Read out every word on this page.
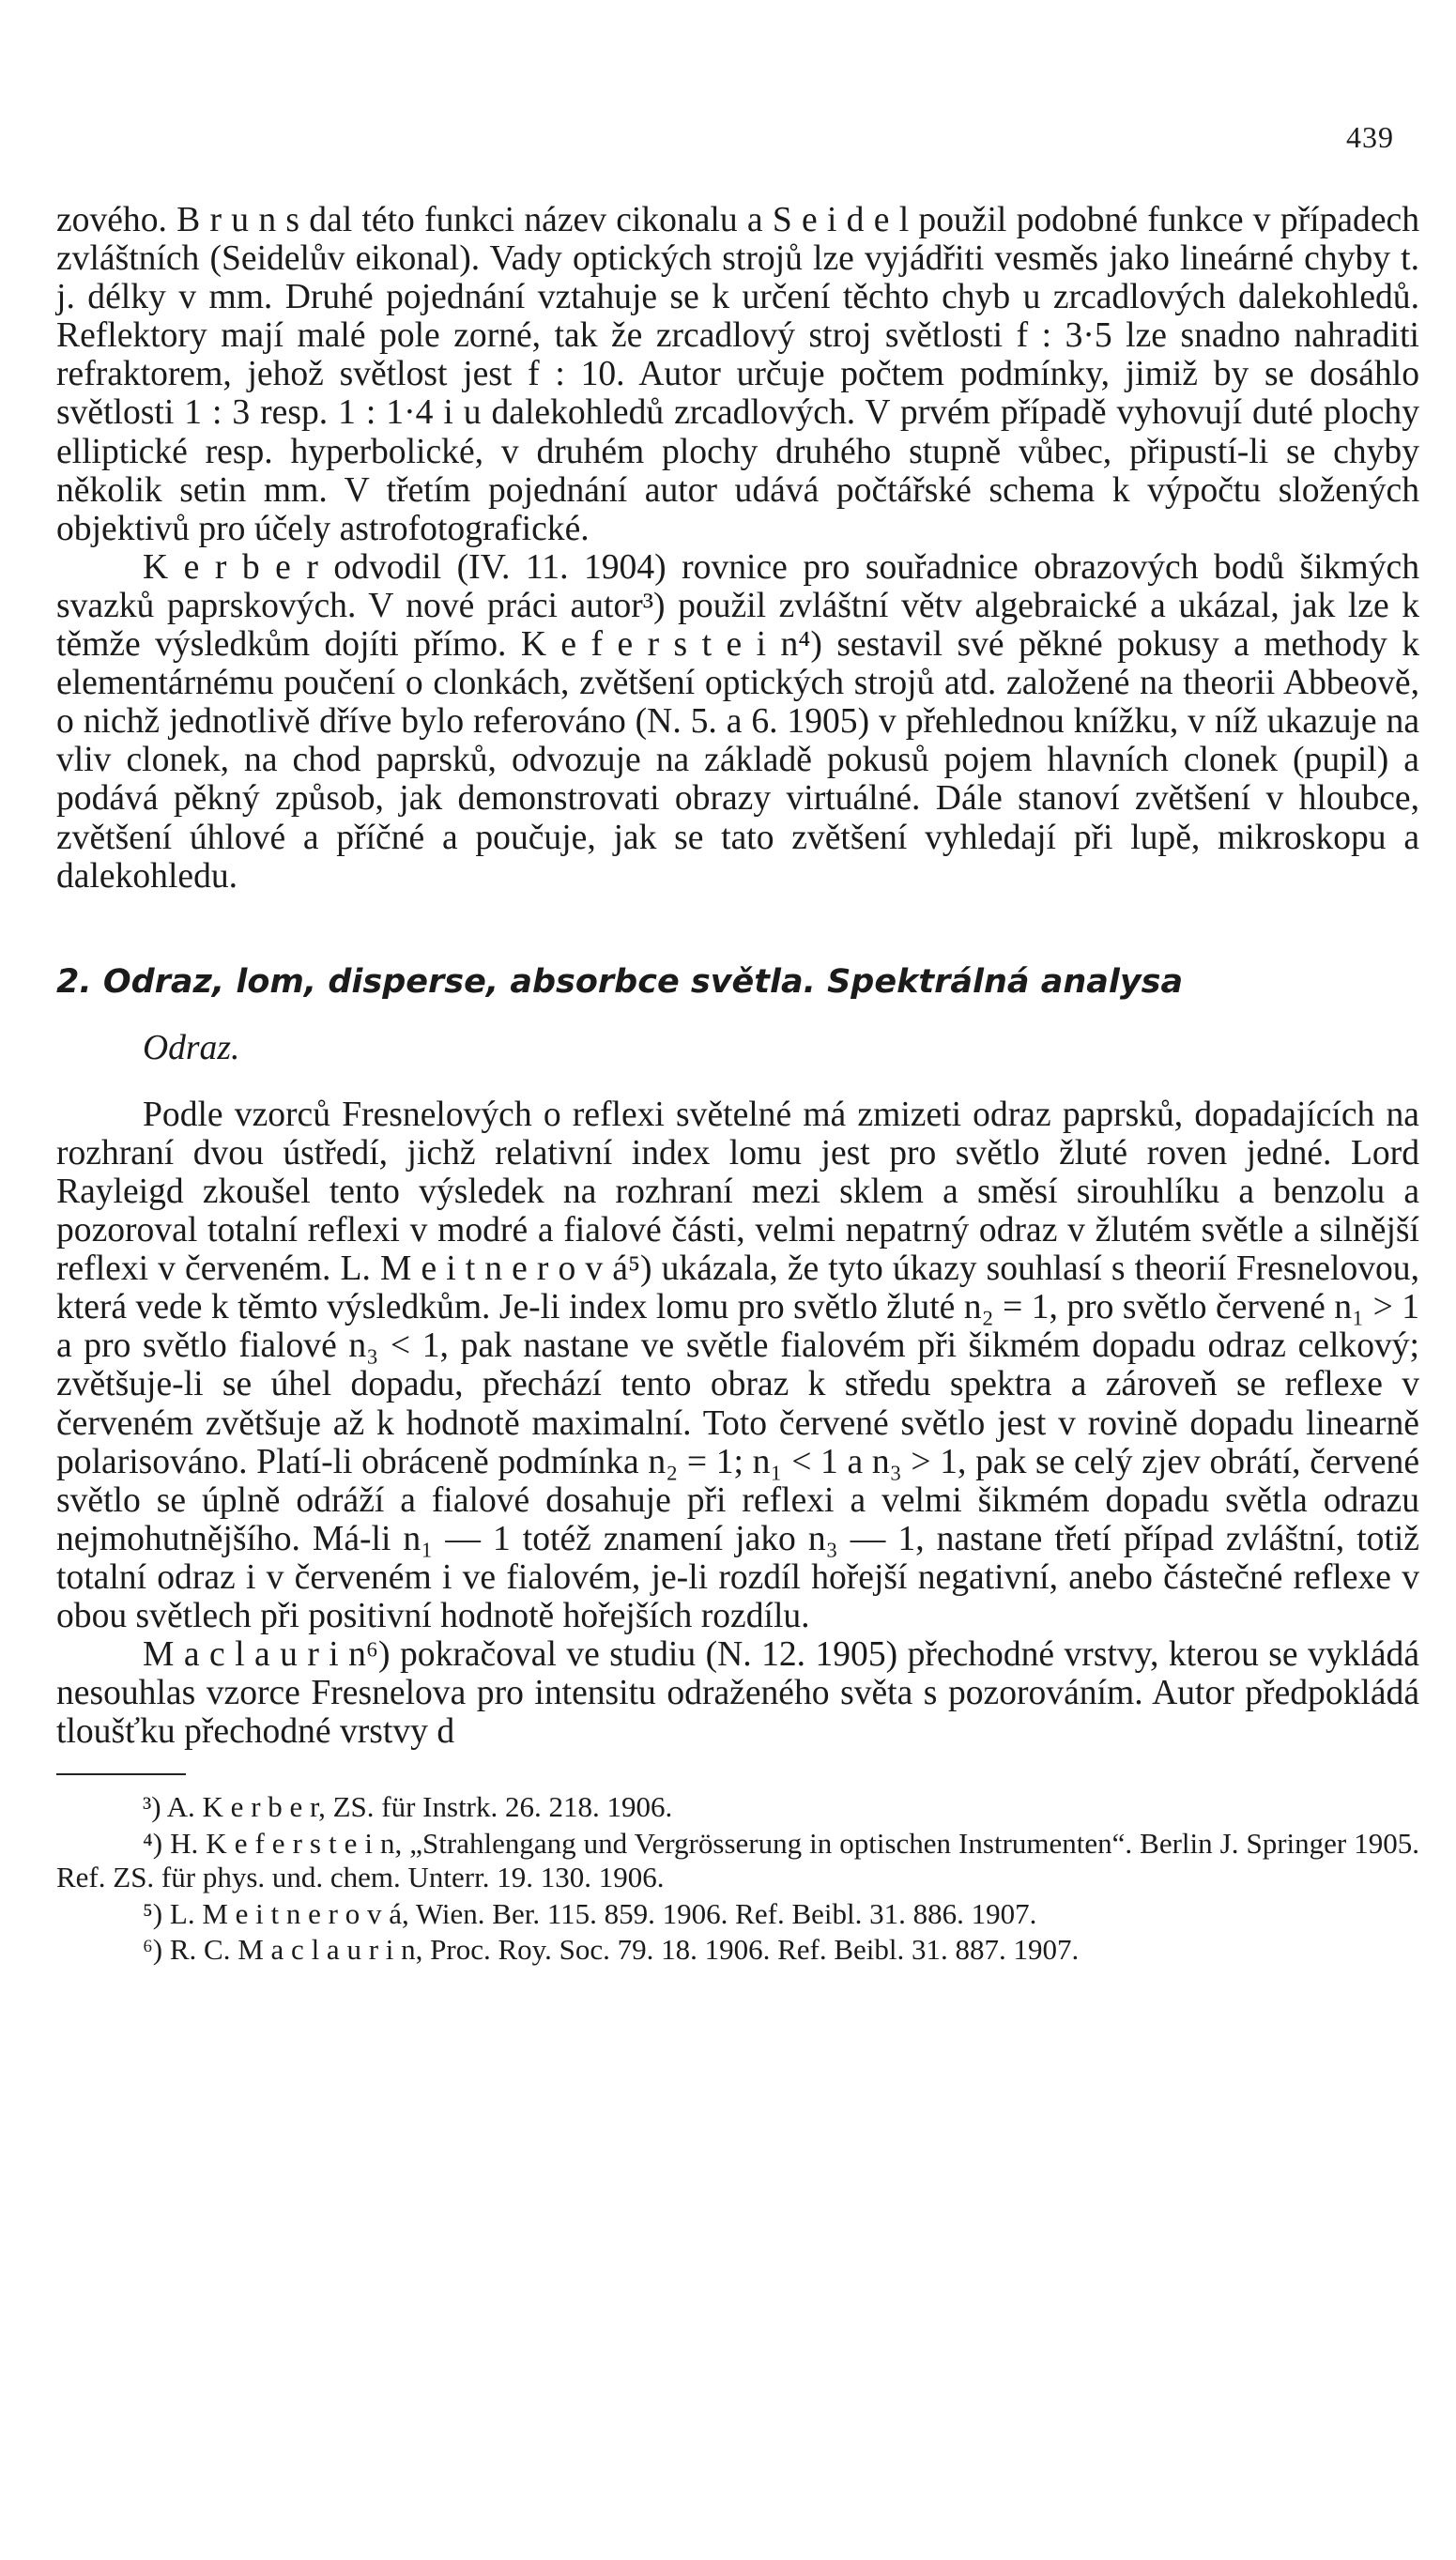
439

zového. B r u n s dal této funkci název cikonalu a S e i d e l použil podobné funkce v případech zvláštních (Seidelův eikonal). Vady optických strojů lze vyjádřiti vesměs jako lineárné chyby t. j. délky v mm. Druhé pojednání vztahuje se k určení těchto chyb u zrcadlových dalekohledů. Reflektory mají malé pole zorné, tak že zrcadlový stroj světlosti f : 3·5 lze snadno nahraditi refraktorem, jehož světlost jest f : 10. Autor určuje počtem podmínky, jimiž by se dosáhlo světlosti 1 : 3 resp. 1 : 1·4 i u dalekohledů zrcadlových. V prvém případě vyhovují duté plochy elliptické resp. hyperbolické, v druhém plochy druhého stupně vůbec, připustí-li se chyby několik setin mm. V třetím pojednání autor udává počtářské schema k výpočtu složených objektivů pro účely astrofotografické.

K e r b e r odvodil (IV. 11. 1904) rovnice pro souřadnice obrazových bodů šikmých svazků paprskových. V nové práci autor³) použil zvláštní větv algebraické a ukázal, jak lze k těmže výsledkům dojíti přímo. K e f e r s t e i n⁴) sestavil své pěkné pokusy a methody k elementárnému poučení o clonkách, zvětšení optických strojů atd. založené na theorii Abbeově, o nichž jednotlivě dříve bylo referováno (N. 5. a 6. 1905) v přehlednou knížku, v níž ukazuje na vliv clonek, na chod paprsků, odvozuje na základě pokusů pojem hlavních clonek (pupil) a podává pěkný způsob, jak demonstrovati obrazy virtuálné. Dále stanoví zvětšení v hloubce, zvětšení úhlové a příčné a poučuje, jak se tato zvětšení vyhledají při lupě, mikroskopu a dalekohledu.

2. Odraz, lom, disperse, absorbce světla. Spektrálná analysa

Odraz.

Podle vzorců Fresnelových o reflexi světelné má zmizeti odraz paprsků, dopadajících na rozhraní dvou ústředí, jichž relativní index lomu jest pro světlo žluté roven jedné. Lord Rayleigd zkoušel tento výsledek na rozhraní mezi sklem a směsí sirouhlíku a benzolu a pozoroval totalní reflexi v modré a fialové části, velmi nepatrný odraz v žlutém světle a silnější reflexi v červeném. L. M e i t n e r o v á⁵) ukázala, že tyto úkazy souhlasí s theorií Fresnelovou, která vede k těmto výsledkům. Je-li index lomu pro světlo žluté n₂ = 1, pro světlo červené n₁ > 1 a pro světlo fialové n₃ < 1, pak nastane ve světle fialovém při šikmém dopadu odraz celkový; zvětšuje-li se úhel dopadu, přechází tento obraz k středu spektra a zároveň se reflexe v červeném zvětšuje až k hodnotě maximalní. Toto červené světlo jest v rovině dopadu linearně polarisováno. Platí-li obráceně podmínka n₂ = 1; n₁ < 1 a n₃ > 1, pak se celý zjev obrátí, červené světlo se úplně odráží a fialové dosahuje při reflexi a velmi šikmém dopadu světla odrazu nejmohutnějšího. Má-li n₁ — 1 totéž znamení jako n₃ — 1, nastane třetí případ zvláštní, totiž totalní odraz i v červeném i ve fialovém, je-li rozdíl hořejší negativní, anebo částečné reflexe v obou světlech při positivní hodnotě hořejších rozdílu.

M a c l a u r i n⁶) pokračoval ve studiu (N. 12. 1905) přechodné vrstvy, kterou se vykládá nesouhlas vzorce Fresnelova pro intensitu odraženého světa s pozorováním. Autor předpokládá tloušťku přechodné vrstvy d

³) A. K e r b e r, ZS. für Instrk. 26. 218. 1906.

⁴) H. K e f e r s t e i n, „Strahlengang und Vergrösserung in optischen Instrumenten“. Berlin J. Springer 1905. Ref. ZS. für phys. und. chem. Unterr. 19. 130. 1906.

⁵) L. M e i t n e r o v á, Wien. Ber. 115. 859. 1906. Ref. Beibl. 31. 886. 1907.

⁶) R. C. M a c l a u r i n, Proc. Roy. Soc. 79. 18. 1906. Ref. Beibl. 31. 887. 1907.
